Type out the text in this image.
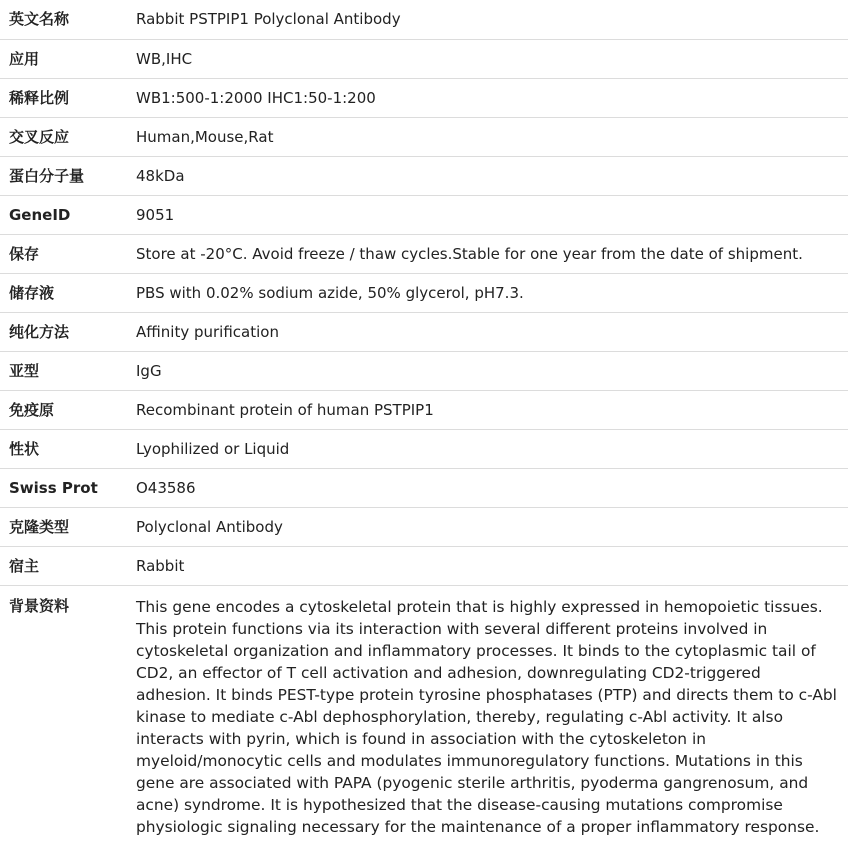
英文名称	Rabbit PSTPIP1 Polyclonal Antibody
应用	WB,IHC
稀释比例	WB1:500-1:2000 IHC1:50-1:200
交叉反应	Human,Mouse,Rat
蛋白分子量	48kDa
GeneID	9051
保存	Store at -20°C. Avoid freeze / thaw cycles.Stable for one year from the date of shipment.
储存液	PBS with 0.02% sodium azide, 50% glycerol, pH7.3.
纯化方法	Affinity purification
亚型	IgG
免疫原	Recombinant protein of human PSTPIP1
性状	Lyophilized or Liquid
Swiss Prot	O43586
克隆类型	Polyclonal Antibody
宿主	Rabbit
背景资料	This gene encodes a cytoskeletal protein that is highly expressed in hemopoietic tissues. This protein functions via its interaction with several different proteins involved in cytoskeletal organization and inflammatory processes. It binds to the cytoplasmic tail of CD2, an effector of T cell activation and adhesion, downregulating CD2-triggered adhesion. It binds PEST-type protein tyrosine phosphatases (PTP) and directs them to c-Abl kinase to mediate c-Abl dephosphorylation, thereby, regulating c-Abl activity. It also interacts with pyrin, which is found in association with the cytoskeleton in myeloid/monocytic cells and modulates immunoregulatory functions. Mutations in this gene are associated with PAPA (pyogenic sterile arthritis, pyoderma gangrenosum, and acne) syndrome. It is hypothesized that the disease-causing mutations compromise physiologic signaling necessary for the maintenance of a proper inflammatory response.
